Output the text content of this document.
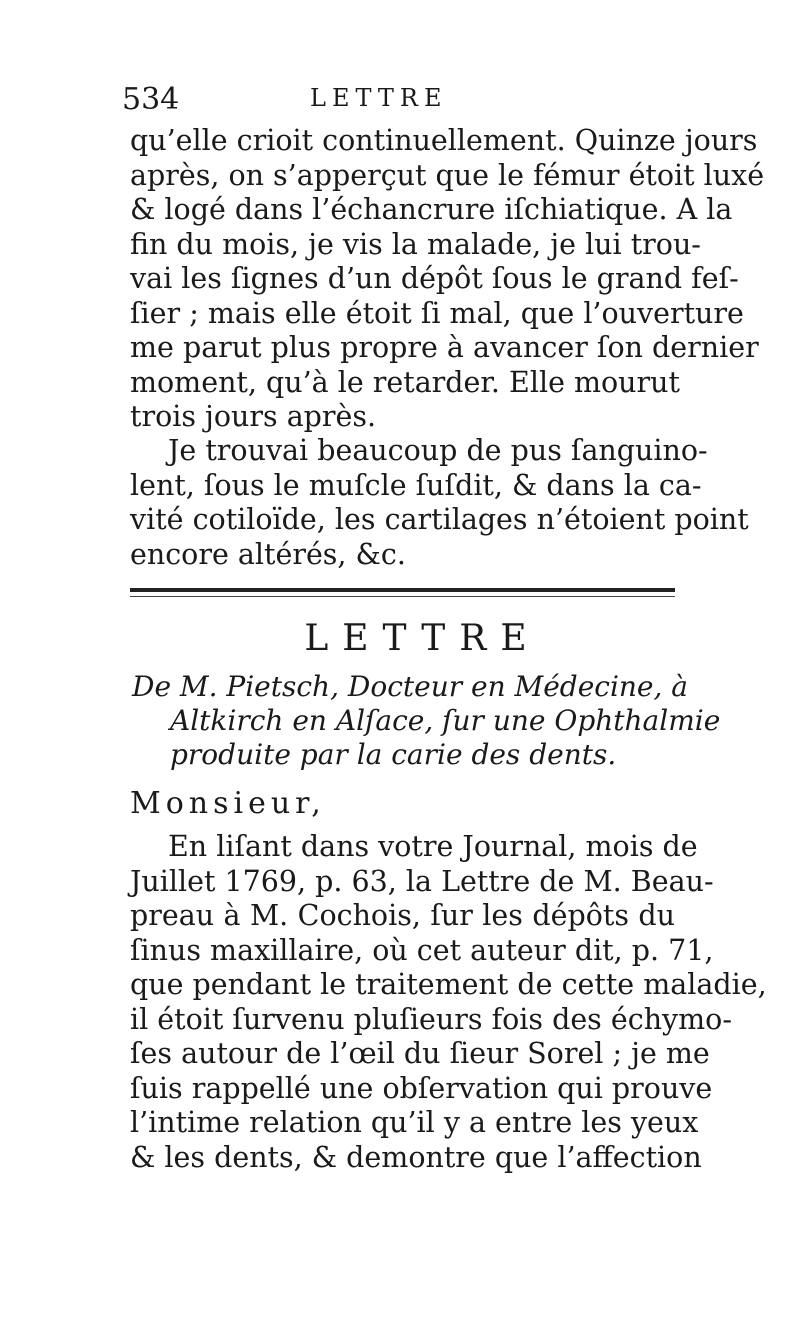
534	LETTRE
qu’elle crioit continuellement. Quinze jours
après, on s’apperçut que le fémur étoit luxé
& logé dans l’échancrure iſchiatique. A la
fin du mois, je vis la malade, je lui trou-
vai les ſignes d’un dépôt ſous le grand feſ-
ſier ; mais elle étoit ſi mal, que l’ouverture
me parut plus propre à avancer ſon dernier
moment, qu’à le retarder. Elle mourut
trois jours après.
Je trouvai beaucoup de pus ſanguino-
lent, ſous le muſcle ſuſdit, & dans la ca-
vité cotiloïde, les cartilages n’étoient point
encore altérés, &c.
LETTRE
De M. Pietsch, Docteur en Médecine, à
Altkirch en Alſace, ſur une Ophthalmie
produite par la carie des dents.
Monsieur,
En liſant dans votre Journal, mois de
Juillet 1769, p. 63, la Lettre de M. Beau-
preau à M. Cochois, ſur les dépôts du
ſinus maxillaire, où cet auteur dit, p. 71,
que pendant le traitement de cette maladie,
il étoit ſurvenu pluſieurs fois des échymo-
ſes autour de l’œil du ſieur Sorel ; je me
ſuis rappellé une obſervation qui prouve
l’intime relation qu’il y a entre les yeux
& les dents, & demontre que l’affection
